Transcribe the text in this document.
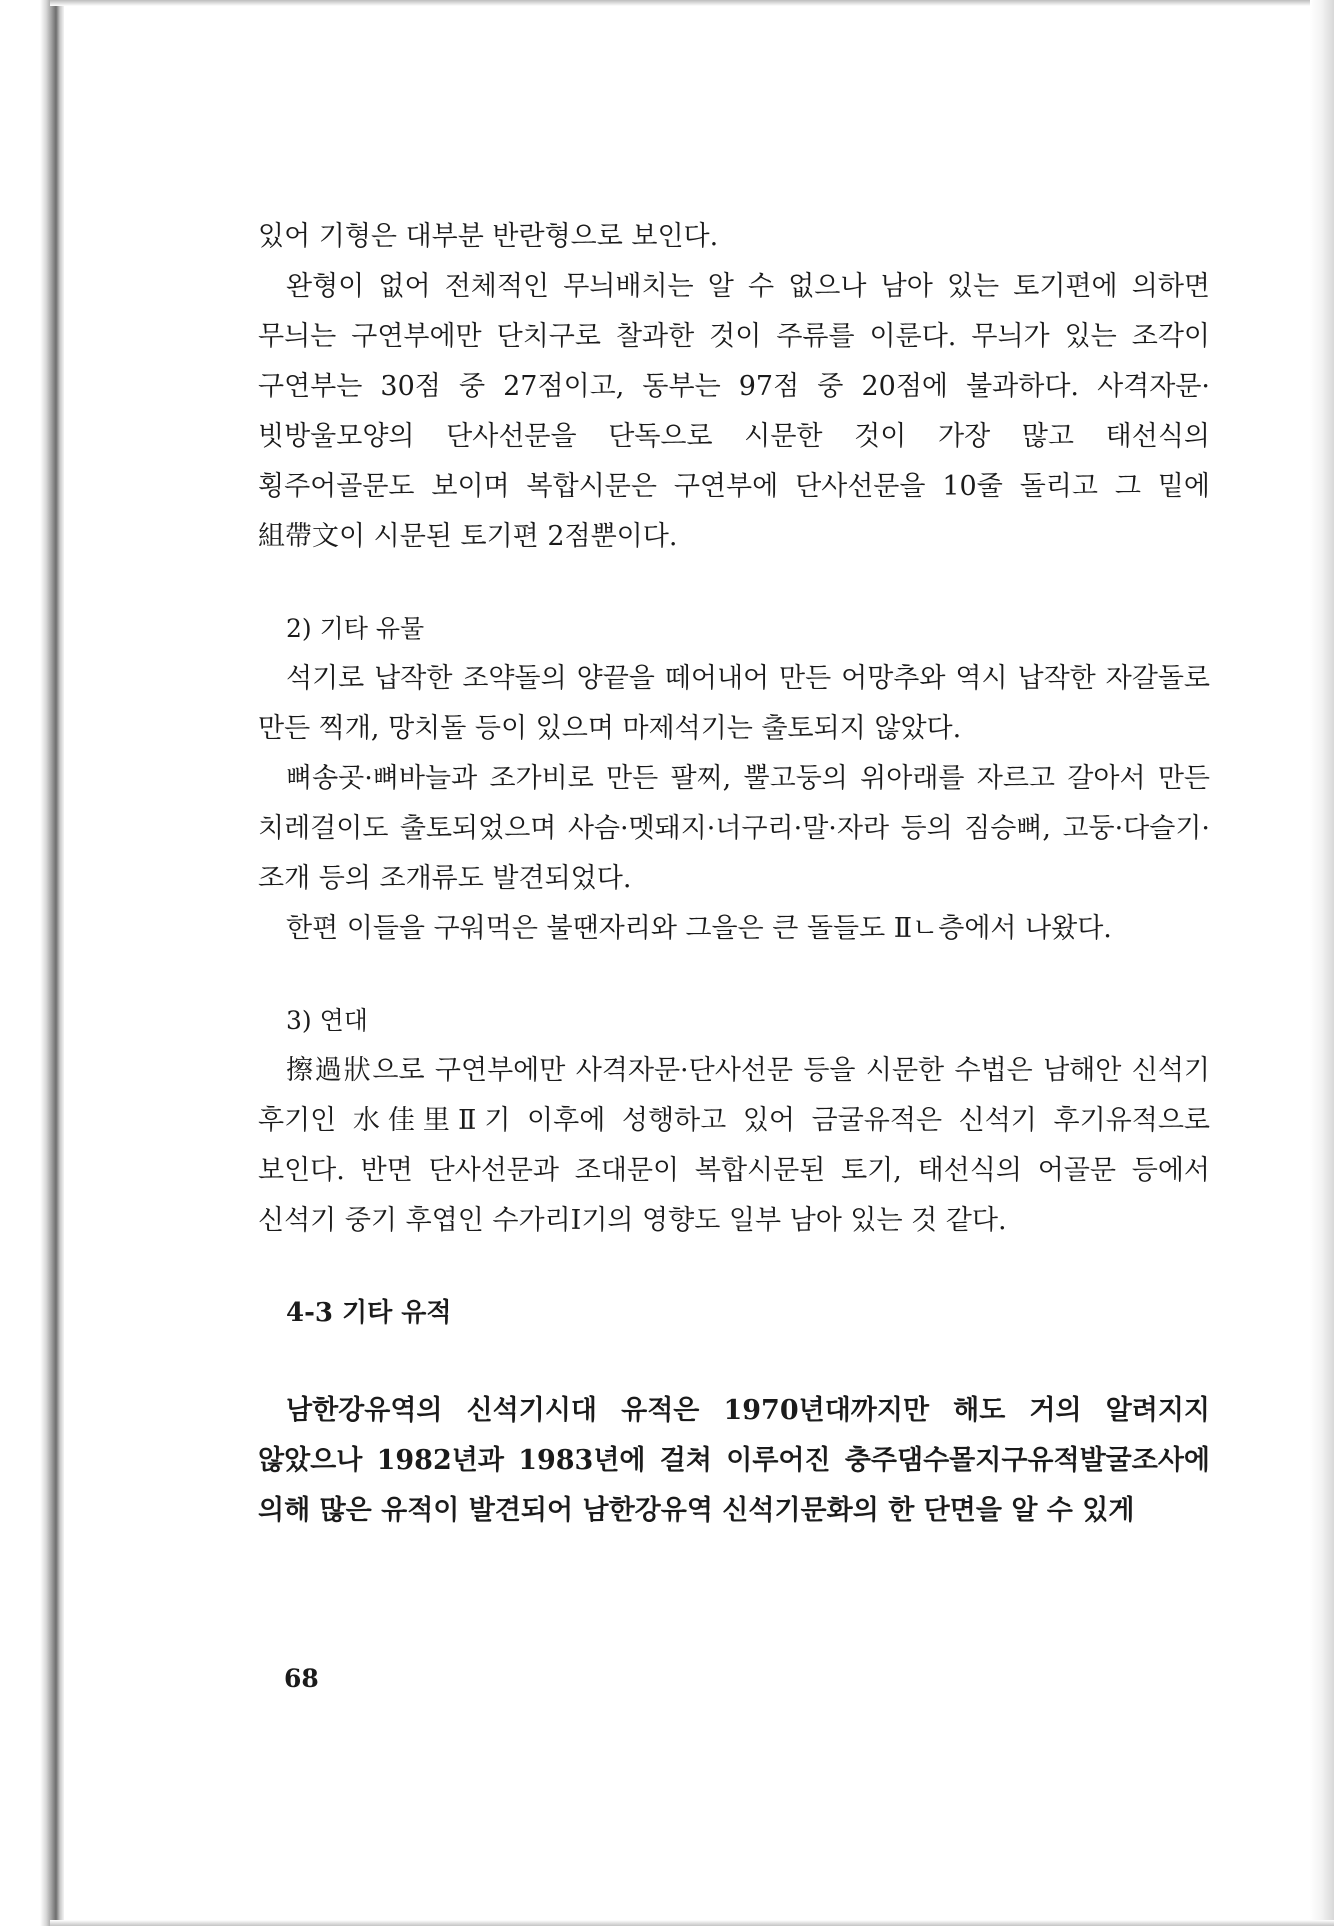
있어 기형은 대부분 반란형으로 보인다.

완형이 없어 전체적인 무늬배치는 알 수 없으나 남아 있는 토기편에 의하면 무늬는 구연부에만 단치구로 찰과한 것이 주류를 이룬다. 무늬가 있는 조각이 구연부는 30점 중 27점이고, 동부는 97점 중 20점에 불과하다. 사격자문·빗방울모양의 단사선문을 단독으로 시문한 것이 가장 많고 태선식의 횡주어골문도 보이며 복합시문은 구연부에 단사선문을 10줄 돌리고 그 밑에 組帶文이 시문된 토기편 2점뿐이다.

2) 기타 유물

석기로 납작한 조약돌의 양끝을 떼어내어 만든 어망추와 역시 납작한 자갈돌로 만든 찍개, 망치돌 등이 있으며 마제석기는 출토되지 않았다.

뼈송곳·뼈바늘과 조가비로 만든 팔찌, 뿔고둥의 위아래를 자르고 갈아서 만든 치레걸이도 출토되었으며 사슴·멧돼지·너구리·말·자라 등의 짐승뼈, 고둥·다슬기·조개 등의 조개류도 발견되었다.

한편 이들을 구워먹은 불땐자리와 그을은 큰 돌들도 Ⅱㄴ층에서 나왔다.

3) 연대

擦過狀으로 구연부에만 사격자문·단사선문 등을 시문한 수법은 남해안 신석기 후기인 水佳里Ⅱ기 이후에 성행하고 있어 금굴유적은 신석기 후기유적으로 보인다. 반면 단사선문과 조대문이 복합시문된 토기, 태선식의 어골문 등에서 신석기 중기 후엽인 수가리Ⅰ기의 영향도 일부 남아 있는 것 같다.

4-3 기타 유적

남한강유역의 신석기시대 유적은 1970년대까지만 해도 거의 알려지지 않았으나 1982년과 1983년에 걸쳐 이루어진 충주댐수몰지구유적발굴조사에 의해 많은 유적이 발견되어 남한강유역 신석기문화의 한 단면을 알 수 있게

68
